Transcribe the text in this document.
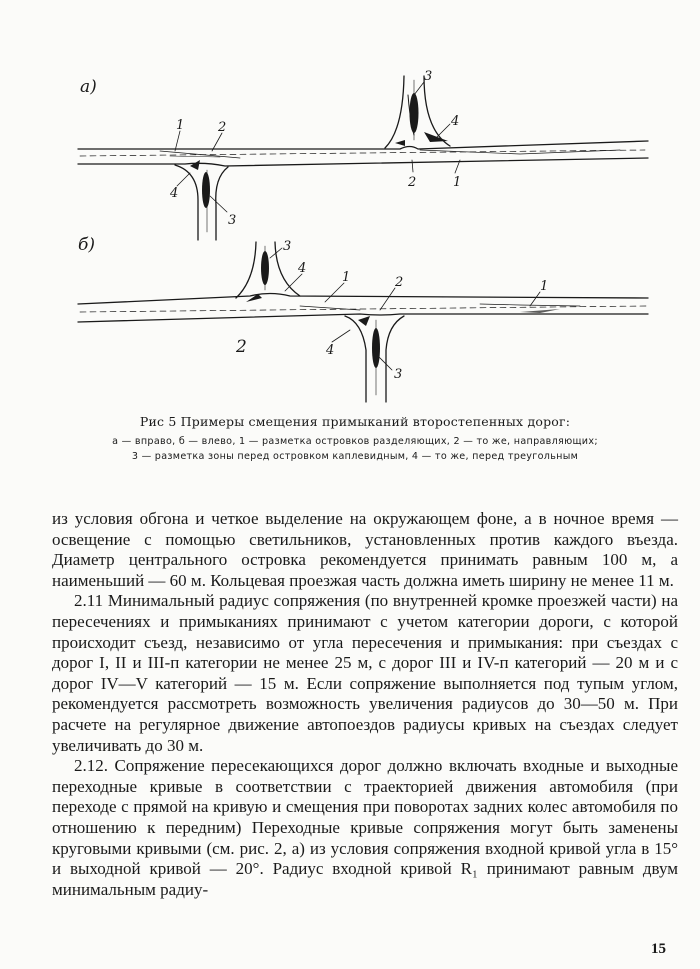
а)
б)
1	2
3
4
2	1
4
3
3
4
1	2	1
2	4
3
Рис 5 Примеры смещения примыканий второстепенных дорог:
а — вправо, б — влево, 1 — разметка островков разделяющих, 2 — то же, направляющих;
3 — разметка зоны перед островком каплевидным, 4 — то же, перед треугольным

из условия обгона и четкое выделение на окружающем фоне, а в ночное время — освещение с помощью светильников, установленных против каждого въезда. Диаметр центрального островка рекомендуется принимать равным 100 м, а наименьший — 60 м. Кольцевая проезжая часть должна иметь ширину не менее 11 м.

2.11 Минимальный радиус сопряжения (по внутренней кромке проезжей части) на пересечениях и примыканиях принимают с учетом категории дороги, с которой происходит съезд, независимо от угла пересечения и примыкания: при съездах с дорог I, II и III-п категории не менее 25 м, с дорог III и IV-п категорий — 20 м и с дорог IV—V категорий — 15 м. Если сопряжение выполняется под тупым углом, рекомендуется рассмотреть возможность увеличения радиусов до 30—50 м. При расчете на регулярное движение автопоездов радиусы кривых на съездах следует увеличивать до 30 м.

2.12. Сопряжение пересекающихся дорог должно включать входные и выходные переходные кривые в соответствии с траекторией движения автомобиля (при переходе с прямой на кривую и смещения при поворотах задних колес автомобиля по отношению к передним) Переходные кривые сопряжения могут быть заменены круговыми кривыми (см. рис. 2, а) из условия сопряжения входной кривой угла в 15° и выходной кривой — 20°. Радиус входной кривой R₁ принимают равным двум минимальным радиу-

15
